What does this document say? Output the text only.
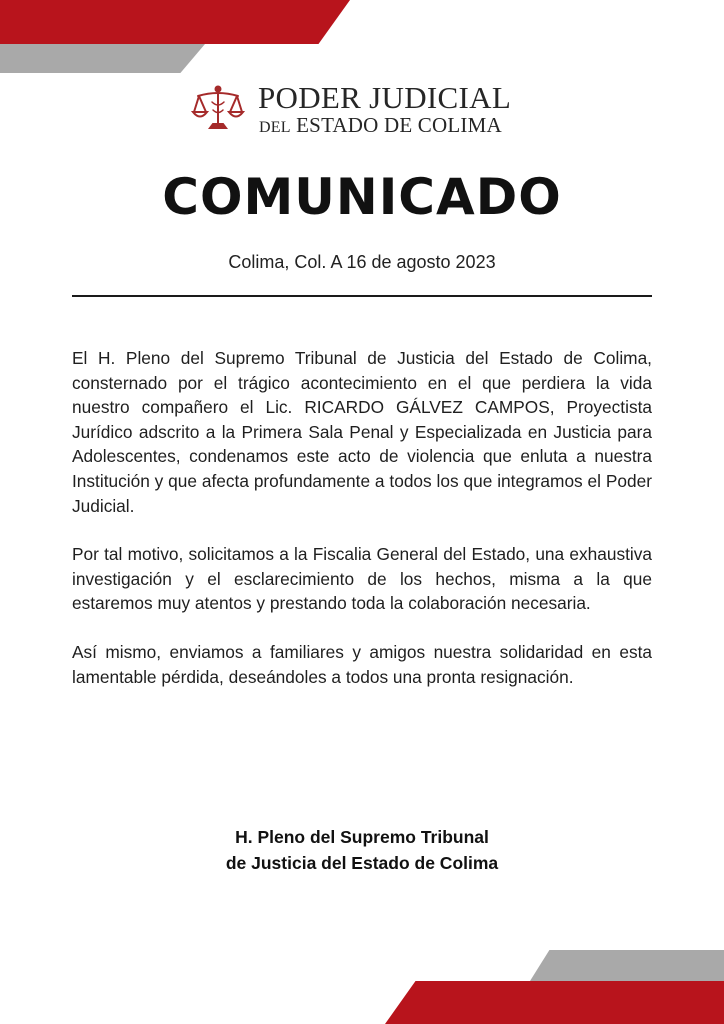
PODER JUDICIAL
DEL ESTADO DE COLIMA
COMUNICADO
Colima, Col. A 16 de agosto 2023

El H. Pleno del Supremo Tribunal de Justicia del Estado de Colima, consternado por el trágico acontecimiento en el que perdiera la vida nuestro compañero el Lic. RICARDO GÁLVEZ CAMPOS, Proyectista Jurídico adscrito a la Primera Sala Penal y Especializada en Justicia para Adolescentes, condenamos este acto de violencia que enluta a nuestra Institución y que afecta profundamente a todos los que integramos el Poder Judicial.

Por tal motivo, solicitamos a la Fiscalia General del Estado, una exhaustiva investigación y el esclarecimiento de los hechos, misma a la que estaremos muy atentos y prestando toda la colaboración necesaria.

Así mismo, enviamos a familiares y amigos nuestra solidaridad en esta lamentable pérdida, deseándoles a todos una pronta resignación.

H. Pleno del Supremo Tribunal
de Justicia del Estado de Colima
